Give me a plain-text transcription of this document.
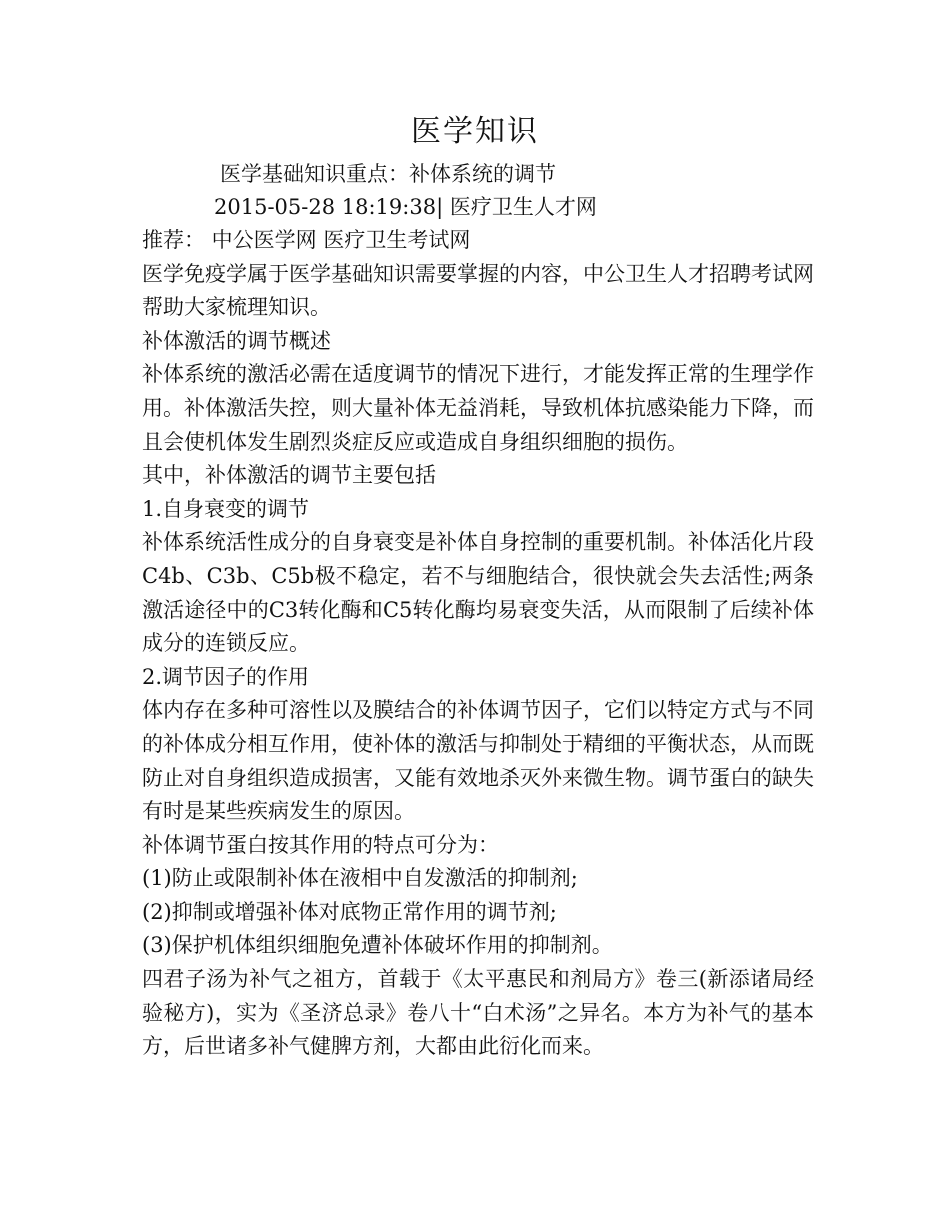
医学知识
医学基础知识重点：补体系统的调节
2015-05-28 18:19:38| 医疗卫生人才网

推荐： 中公医学网 医疗卫生考试网

医学免疫学属于医学基础知识需要掌握的内容，中公卫生人才招聘考试网帮助大家梳理知识。

补体激活的调节概述

补体系统的激活必需在适度调节的情况下进行，才能发挥正常的生理学作用。补体激活失控，则大量补体无益消耗，导致机体抗感染能力下降，而且会使机体发生剧烈炎症反应或造成自身组织细胞的损伤。

其中，补体激活的调节主要包括

1.自身衰变的调节

补体系统活性成分的自身衰变是补体自身控制的重要机制。补体活化片段C4b、C3b、C5b极不稳定，若不与细胞结合，很快就会失去活性;两条激活途径中的C3转化酶和C5转化酶均易衰变失活，从而限制了后续补体成分的连锁反应。

2.调节因子的作用

体内存在多种可溶性以及膜结合的补体调节因子，它们以特定方式与不同的补体成分相互作用，使补体的激活与抑制处于精细的平衡状态，从而既防止对自身组织造成损害，又能有效地杀灭外来微生物。调节蛋白的缺失有时是某些疾病发生的原因。

补体调节蛋白按其作用的特点可分为：

(1)防止或限制补体在液相中自发激活的抑制剂;

(2)抑制或增强补体对底物正常作用的调节剂;

(3)保护机体组织细胞免遭补体破坏作用的抑制剂。

四君子汤为补气之祖方，首载于《太平惠民和剂局方》卷三(新添诸局经验秘方)，实为《圣济总录》卷八十“白术汤”之异名。本方为补气的基本方，后世诸多补气健脾方剂，大都由此衍化而来。
